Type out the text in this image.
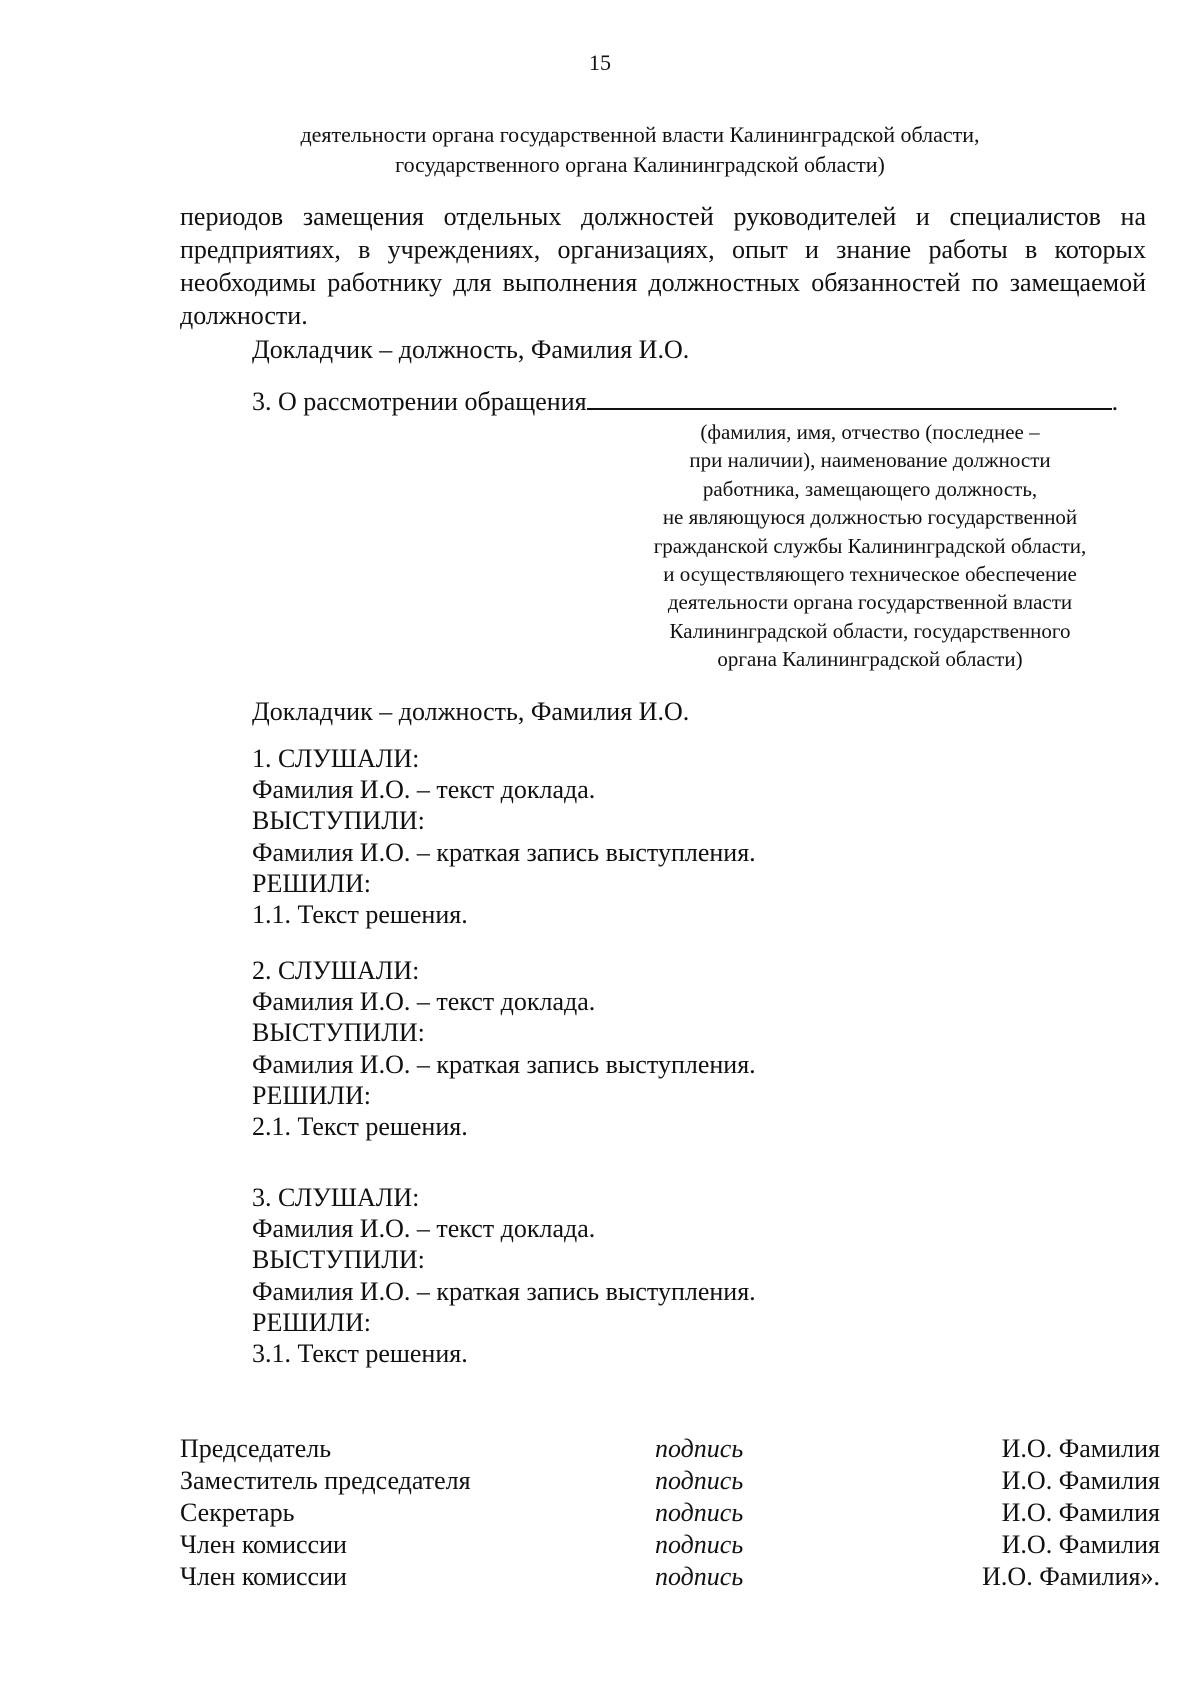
15
деятельности органа государственной власти Калининградской области,
государственного органа Калининградской области)

периодов замещения отдельных должностей руководителей и специалистов на предприятиях, в учреждениях, организациях, опыт и знание работы в которых необходимы работнику для выполнения должностных обязанностей по замещаемой должности.

Докладчик – должность, Фамилия И.О.
3. О рассмотрении обращения	.
(фамилия, имя, отчество (последнее –
при наличии), наименование должности
работника, замещающего должность,
не являющуюся должностью государственной
гражданской службы Калининградской области,
и осуществляющего техническое обеспечение
деятельности органа государственной власти
Калининградской области, государственного
органа Калининградской области)
Докладчик – должность, Фамилия И.О.
1. СЛУШАЛИ:
Фамилия И.О. – текст доклада.
ВЫСТУПИЛИ:
Фамилия И.О. – краткая запись выступления.
РЕШИЛИ:
1.1. Текст решения.
2. СЛУШАЛИ:
Фамилия И.О. – текст доклада.
ВЫСТУПИЛИ:
Фамилия И.О. – краткая запись выступления.
РЕШИЛИ:
2.1. Текст решения.
3. СЛУШАЛИ:
Фамилия И.О. – текст доклада.
ВЫСТУПИЛИ:
Фамилия И.О. – краткая запись выступления.
РЕШИЛИ:
3.1. Текст решения.
Председатель	подпись	И.О. Фамилия
Заместитель председателя	подпись	И.О. Фамилия
Секретарь	подпись	И.О. Фамилия
Член комиссии	подпись	И.О. Фамилия
Член комиссии	подпись	И.О. Фамилия».
